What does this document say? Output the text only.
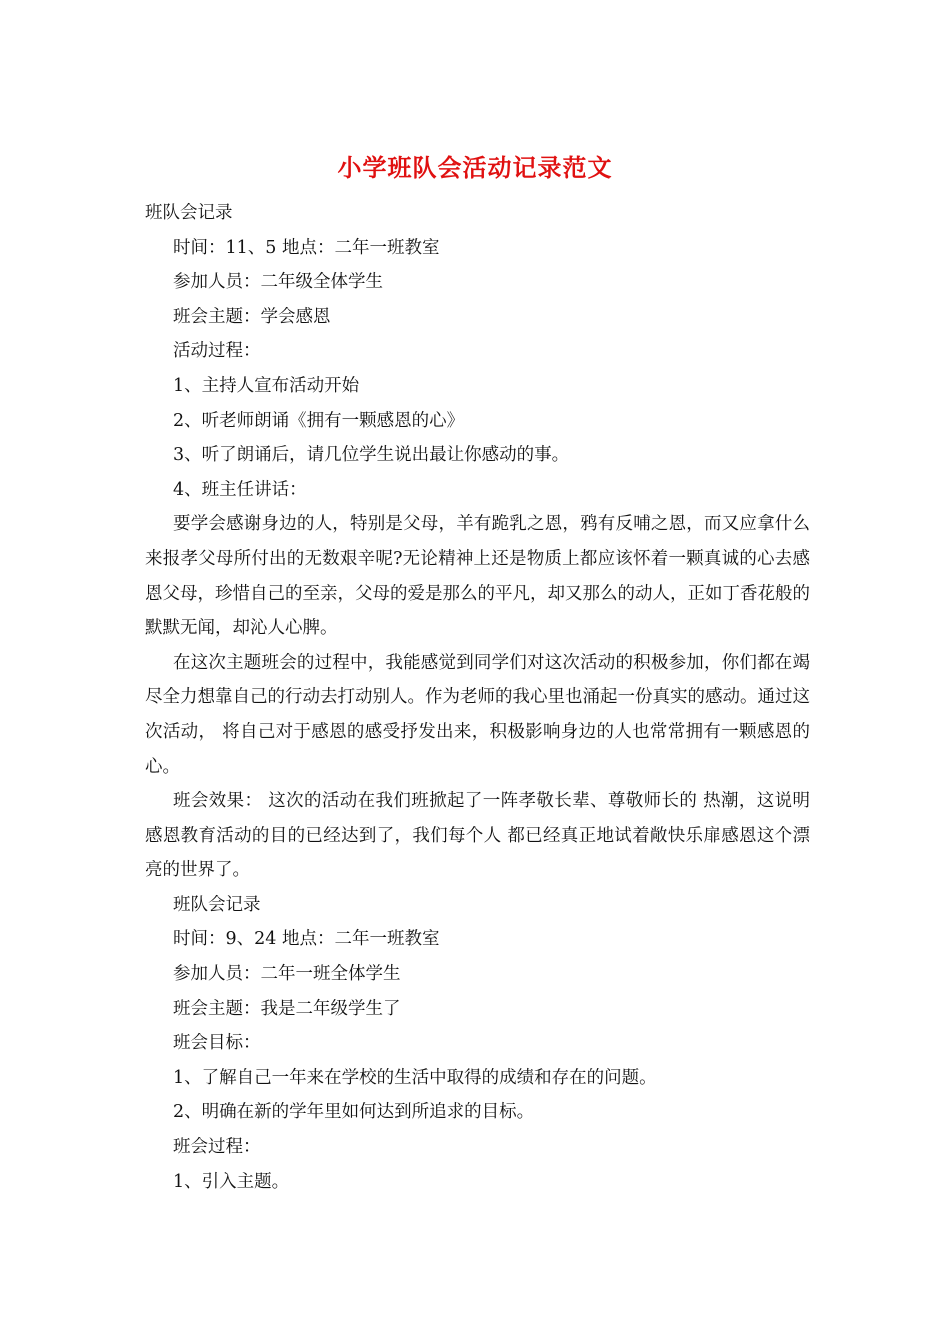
小学班队会活动记录范文

班队会记录

时间：11、5 地点：二年一班教室

参加人员：二年级全体学生

班会主题：学会感恩

活动过程：

1、主持人宣布活动开始

2、听老师朗诵《拥有一颗感恩的心》

3、听了朗诵后，请几位学生说出最让你感动的事。

4、班主任讲话：

要学会感谢身边的人，特别是父母，羊有跪乳之恩，鸦有反哺之恩，而又应拿什么来报孝父母所付出的无数艰辛呢?无论精神上还是物质上都应该怀着一颗真诚的心去感恩父母，珍惜自己的至亲，父母的爱是那么的平凡，却又那么的动人，正如丁香花般的默默无闻，却沁人心脾。

在这次主题班会的过程中，我能感觉到同学们对这次活动的积极参加，你们都在竭尽全力想靠自己的行动去打动别人。作为老师的我心里也涌起一份真实的感动。通过这次活动， 将自己对于感恩的感受抒发出来，积极影响身边的人也常常拥有一颗感恩的心。

班会效果： 这次的活动在我们班掀起了一阵孝敬长辈、尊敬师长的 热潮，这说明感恩教育活动的目的已经达到了，我们每个人 都已经真正地试着敞快乐扉感恩这个漂亮的世界了。

班队会记录

时间：9、24 地点：二年一班教室

参加人员：二年一班全体学生

班会主题：我是二年级学生了

班会目标：

1、了解自己一年来在学校的生活中取得的成绩和存在的问题。

2、明确在新的学年里如何达到所追求的目标。

班会过程：

1、引入主题。
